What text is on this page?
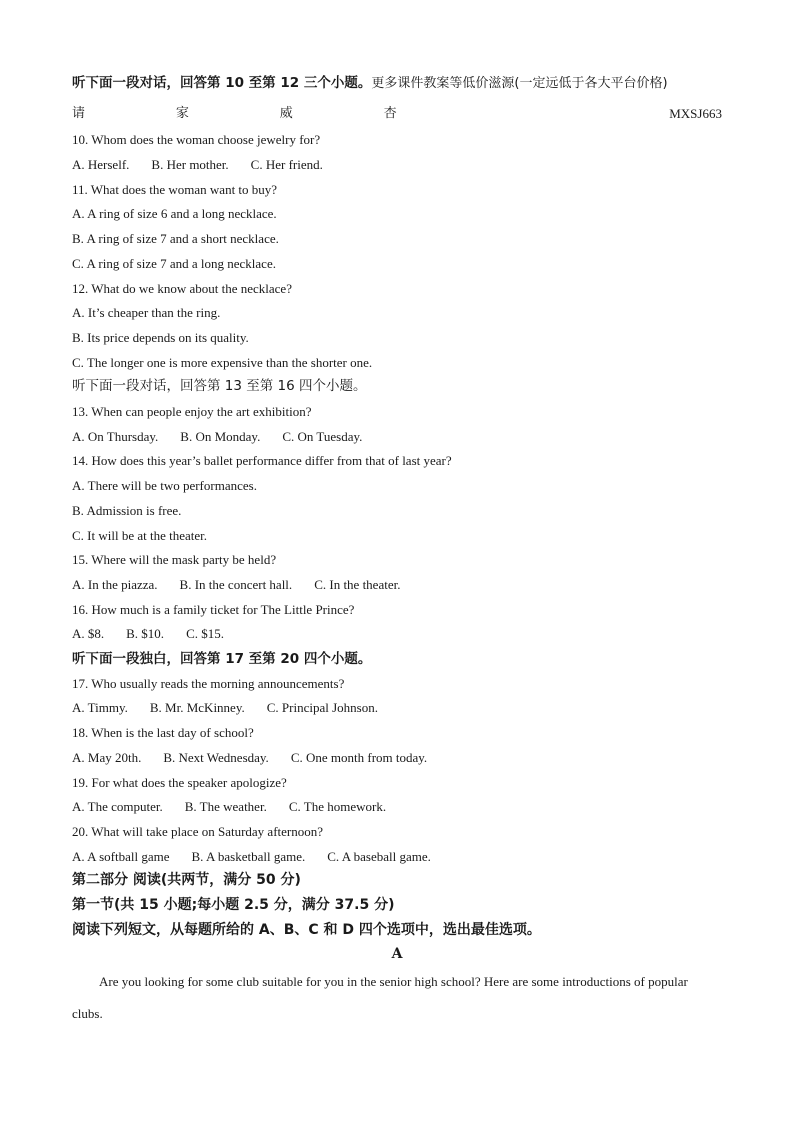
听下面一段对话，回答第 10 至第 12 三个小题。更多课件教案等低价滋源(一定远低于各大平台价格)
请	家	威	杏	MXSJ663
10. Whom does the woman choose jewelry for?
A. Herself. B. Her mother. C. Her friend.
11. What does the woman want to buy?
A. A ring of size 6 and a long necklace.
B. A ring of size 7 and a short necklace.
C. A ring of size 7 and a long necklace.
12. What do we know about the necklace?
A. It’s cheaper than the ring.
B. Its price depends on its quality.
C. The longer one is more expensive than the shorter one.
听下面一段对话，回答第 13 至第 16 四个小题。
13. When can people enjoy the art exhibition?
A. On Thursday. B. On Monday. C. On Tuesday.
14. How does this year’s ballet performance differ from that of last year?
A. There will be two performances.
B. Admission is free.
C. It will be at the theater.
15. Where will the mask party be held?
A. In the piazza. B. In the concert hall. C. In the theater.
16. How much is a family ticket for The Little Prince?
A. $8. B. $10. C. $15.
听下面一段独白，回答第 17 至第 20 四个小题。
17. Who usually reads the morning announcements?
A. Timmy. B. Mr. McKinney. C. Principal Johnson.
18. When is the last day of school?
A. May 20th. B. Next Wednesday. C. One month from today.
19. For what does the speaker apologize?
A. The computer. B. The weather. C. The homework.
20. What will take place on Saturday afternoon?
A. A softball game B. A basketball game. C. A baseball game.
第二部分 阅读(共两节，满分 50 分)
第一节(共 15 小题;每小题 2.5 分，满分 37.5 分)
阅读下列短文，从每题所给的 A、B、C 和 D 四个选项中，选出最佳选项。
A
Are you looking for some club suitable for you in the senior high school? Here are some introductions of popular clubs.
